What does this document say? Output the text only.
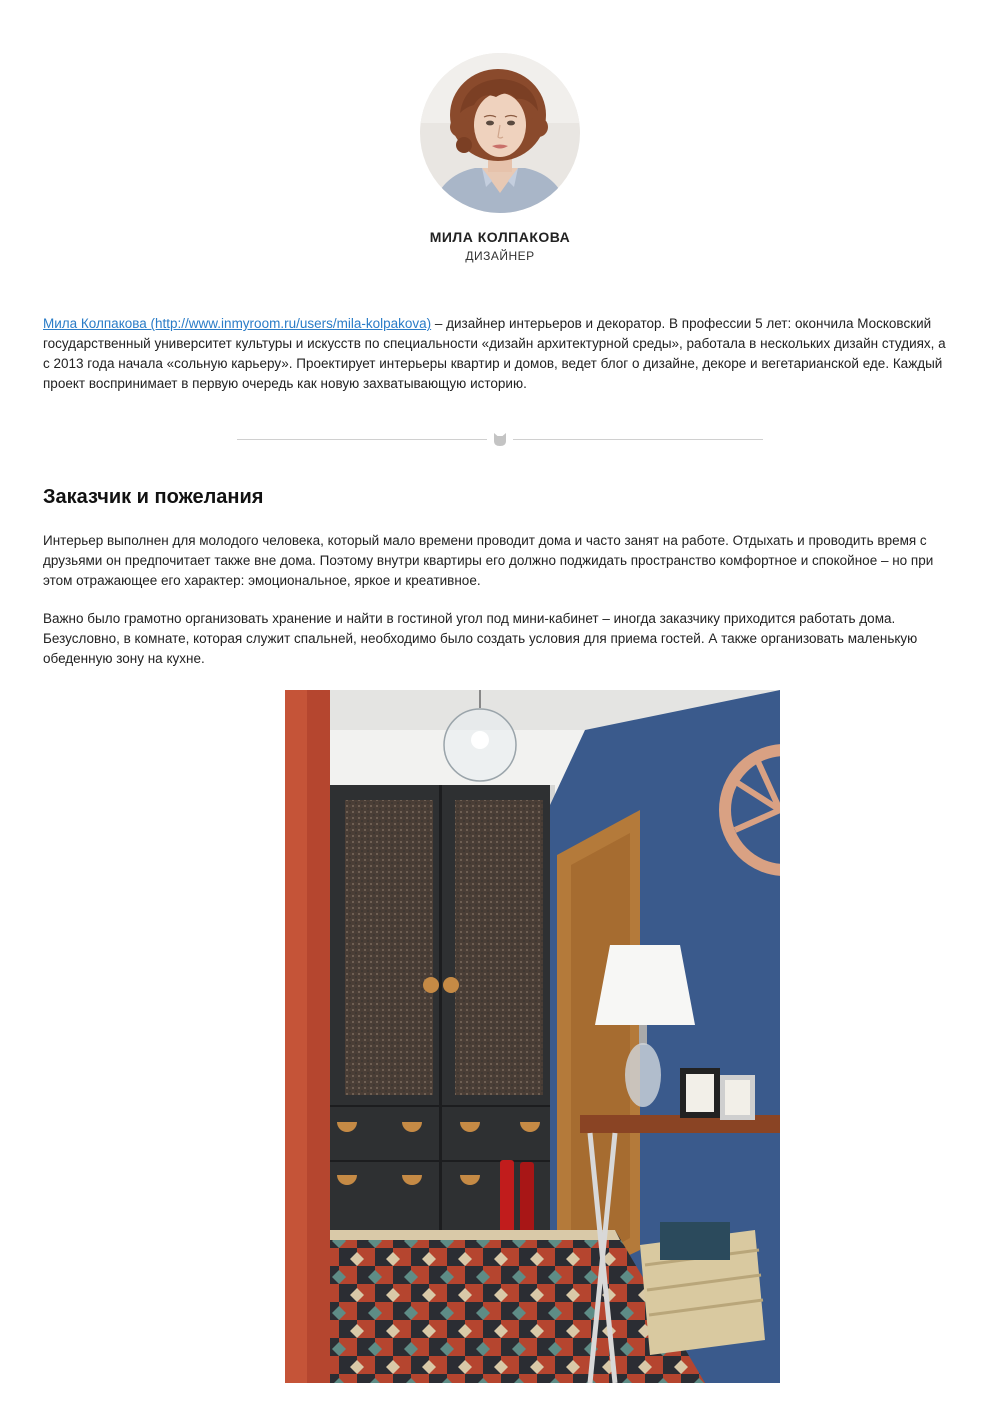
МИЛА КОЛПАКОВА
ДИЗАЙНЕР

Мила Колпакова (http://www.inmyroom.ru/users/mila-kolpakova) – дизайнер интерьеров и декоратор. В профессии 5 лет: окончила Московский государственный университет культуры и искусств по специальности «дизайн архитектурной среды», работала в нескольких дизайн студиях, а с 2013 года начала «сольную карьеру». Проектирует интерьеры квартир и домов, ведет блог о дизайне, декоре и вегетарианской еде. Каждый проект воспринимает в первую очередь как новую захватывающую историю.

Заказчик и пожелания

Интерьер выполнен для молодого человека, который мало времени проводит дома и часто занят на работе. Отдыхать и проводить время с друзьями он предпочитает также вне дома. Поэтому внутри квартиры его должно поджидать пространство комфортное и спокойное – но при этом отражающее его характер: эмоциональное, яркое и креативное.

Важно было грамотно организовать хранение и найти в гостиной угол под мини-кабинет – иногда заказчику приходится работать дома. Безусловно, в комнате, которая служит спальней, необходимо было создать условия для приема гостей. А также организовать маленькую обеденную зону на кухне.
